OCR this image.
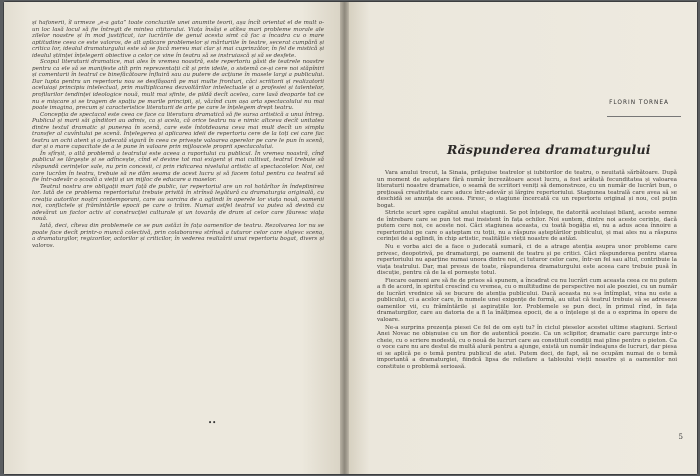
și hafonerii, îl urmeze „e-a gata” toate concluziile unei anumite teorii, așa încît orientat el de mult o-un loc lasă locul să fie întregit de mintea cititorului. Viața însăși e atîtea mari probleme morale ale zilelor noastre și în mod justificat, iar lucrările de genul acesta simt că fac a încadra cu o mare aptitudine ceea ce este valoros, de alt aplicare problemelor și mărturiile în teatre, secerat cumpără și critica lor, idealul dramaturgului este să se facă mereu mai clar și mai cuprinzător, în fel de mistică și idealul științei înțelegerii obiective a celor ce vine în teatru să se instruiască și să se desfete.

Scopul literaturii dramatice, mai ales în vremea noastră, este repertoriu găsit de teatrele noastre pentru ca ele să se manifeste atît prin reprezentații cît și prin ideile, o sistemă ce-și cere noi stăpîniri și comentarii în teatrul ce binefăcătoare înfluiră sau au putere de acțiune în masele largi a publicului. Dar lupta pentru un repertoriu nou se desfășoară pe mai multe fronturi, căci scriitorii și realizatorii aceluiași principiu intelectual, prin multiplicarea dezvoltărilor intelectuale și a profesiei și talentelor, profilurilor tendinței ideologice nouă, mult mai sfinte, de pildă decît acelea, care lasă deoparte tot ce nu e mișcare și se tragem de spațiu pe marile principii, și, văzînd cum așa arta spectacolului nu mai poate imagina, precum și caracteristice literaturii de arte pe care le înțelegem drept teatru.

Concepția de spectacol este ceea ce face ca literatura dramatică să fie sursa artistică a unui întreg. Publicul și marii săi gînditori au admis, ca și acela, că orice teatru nu e nimic altceva decît unitatea dintre textul dramatic și punerea în scenă, care este întotdeauna ceva mai mult decît un simplu transfer al cuvîntului pe scenă. Înțelegerea și aplicarea ideii de repertoriu cere de la toți cei care fac teatru un ochi atent și o judecată sigură în ceea ce privește valoarea operelor pe care le pun în scenă, dar și o mare capacitate de a le pune în valoare prin mijloacele proprii spectacolului.

În sfîrșit, o altă problemă a teatrului este aceea a raportului cu publicul. În vremea noastră, cînd publicul se lărgește și se adîncește, cînd el devine tot mai exigent și mai cultivat, teatrul trebuie să răspundă cerințelor sale, nu prin concesii, ci prin ridicarea nivelului artistic al spectacolelor. Noi, cei care lucrăm în teatru, trebuie să ne dăm seama de acest lucru și să facem totul pentru ca teatrul să fie într-adevăr o școală a vieții și un mijloc de educare a maselor.

Teatrul nostru are obligații mari față de public, iar repertoriul are un rol hotărîtor în îndeplinirea lor. Iată de ce problema repertoriului trebuie privită în strînsă legătură cu dramaturgia originală, cu creația autorilor noștri contemporani, care au sarcina de a oglindi în operele lor viața nouă, oamenii noi, conflictele și frămîntările epocii pe care o trăim. Numai astfel teatrul va putea să devină cu adevărat un factor activ al construcției culturale și un tovarăș de drum al celor care făuresc viața nouă.

Iată, deci, cîteva din problemele ce se pun astăzi în fața oamenilor de teatru. Rezolvarea lor nu se poate face decît printr-o muncă colectivă, prin colaborarea strînsă a tuturor celor care slujesc scena, a dramaturgilor, regizorilor, actorilor și criticilor, în vederea realizării unui repertoriu bogat, divers și valoros.

••
FLORIN TORNEA
Răspunderea dramaturgului

Vara anului trecut, la Sinaia, prilejuise teatrelor și iubitorilor de teatru, o neuitată sărbătoare. După un moment de așteptare fără număr încrezătoare acest lucru, a fost arătată fecunditatea și valoarea literaturii noastre dramatice, o seamă de scriitori veniți să demonstreze, cu un număr de lucrări bun, o prețioasă creativitate care aduce într-adevăr și lărgire repertoriului. Stagiunea teatrală care avea să se deschidă se anunța de aceea. Firesc, o stagiune încercată cu un repertoriu original și nou, cel puțin bogat.

Stricte scurt spre capătul anului stagiunii. Se pot înțelege, fie datorită aceluiași bilanț, aceste semne de întrebare care se pun tot mai insistent în fața ochilor. Noi suntem, dintre noi aceste cerințe, dacă putem cere noi, ce aceste noi. Căci stagiunea aceasta, cu toată bogăția ei, nu a adus acea înnoire a repertoriului pe care o așteptam cu toții, nu a răspuns așteptărilor publicului, și mai ales nu a răspuns cerinței de a oglindi, în chip artistic, realitățile vieții noastre de astăzi.

Nu e vorba aici de a face o judecată sumară, ci de a atrage atenția asupra unor probleme care privesc, deopotrivă, pe dramaturgi, pe oamenii de teatru și pe critici. Căci răspunderea pentru starea repertoriului nu aparține numai unora dintre noi, ci tuturor celor care, într-un fel sau altul, contribuie la viața teatrului. Dar, mai presus de toate, răspunderea dramaturgului este aceea care trebuie pusă în discuție, pentru că de la el pornește totul.

Fiecare oameni are să fie de prisos să spunem, a încadrat cu nu lucrări cum aceasta ceea ce nu putem a fi de acord, în spiritul crescînd cu vremea, cu o multitudine de perspective noi ale poeziei, cu un număr de lucrări vrednice să se bucure de atenția publicului. Dacă aceasta nu s-a întîmplat, vina nu este a publicului, ci a acelor care, în numele unei exigențe de formă, au uitat că teatrul trebuie să se adreseze oamenilor vii, cu frămîntările și aspirațiile lor. Problemele se pun deci, în primul rînd, în fața dramaturgilor, care au datoria de a fi la înălțimea epocii, de a o înțelege și de a o exprima în opere de valoare.

Ne-a surprins prezența piesei Ce fel de om ești tu? în ciclul pieselor acestei ultime stagiuni. Scrisul Anei Novac ne obișnuise cu un fior de autentică poezie. Ca un sclipitor, dramatic care parcurge într-o cheie, cu o scriere modestă, cu o nouă de lucruri care au constituit condiții mai pline pentru o pieton. Ca o voce care nu are destul de multă alură pentru a ajunge, există un număr îndeajuns de lucruri, dar piesa ei se aplică pe o temă pentru publicul de atei. Putem deci, de fapt, să ne ocupăm numai de o temă importantă a dramaturgiei, fiindcă lipsa de reliefare a tabloului vieții noastre și a oamenilor noi constituie o problemă serioasă.

5
